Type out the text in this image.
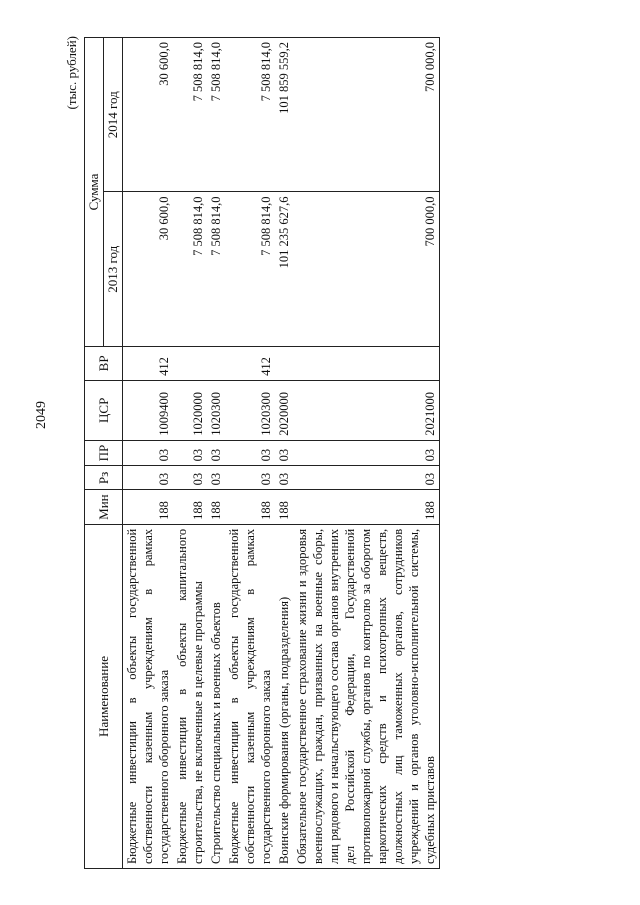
2049
(тыс. рублей)
Наименование	Мин	Рз	ПР	ЦСР	ВР	Сумма	
						2013 год	2014 год
Бюджетные инвестиции в объекты государственной собственности казенным учреждениям в рамках государственного оборонного заказа	188	03	03	1009400	412	30 600,0	30 600,0
Бюджетные инвестиции в объекты капитального строительства, не включенные в целевые программы	188	03	03	1020000		7 508 814,0	7 508 814,0
Строительство специальных и военных объектов	188	03	03	1020300		7 508 814,0	7 508 814,0
Бюджетные инвестиции в объекты государственной собственности казенным учреждениям в рамках государственного оборонного заказа	188	03	03	1020300	412	7 508 814,0	7 508 814,0
Воинские формирования (органы, подразделения)	188	03	03	2020000		101 235 627,6	101 859 559,2
Обязательное государственное страхование жизни и здоровья военнослужащих, граждан, призванных на военные сборы, лиц рядового и начальствующего состава органов внутренних дел Российской Федерации, Государственной противопожарной службы, органов по контролю за оборотом наркотических средств и психотропных веществ, должностных лиц таможенных органов, сотрудников учреждений и органов уголовно-исполнительной системы, судебных приставов	188	03	03	2021000		700 000,0	700 000,0
